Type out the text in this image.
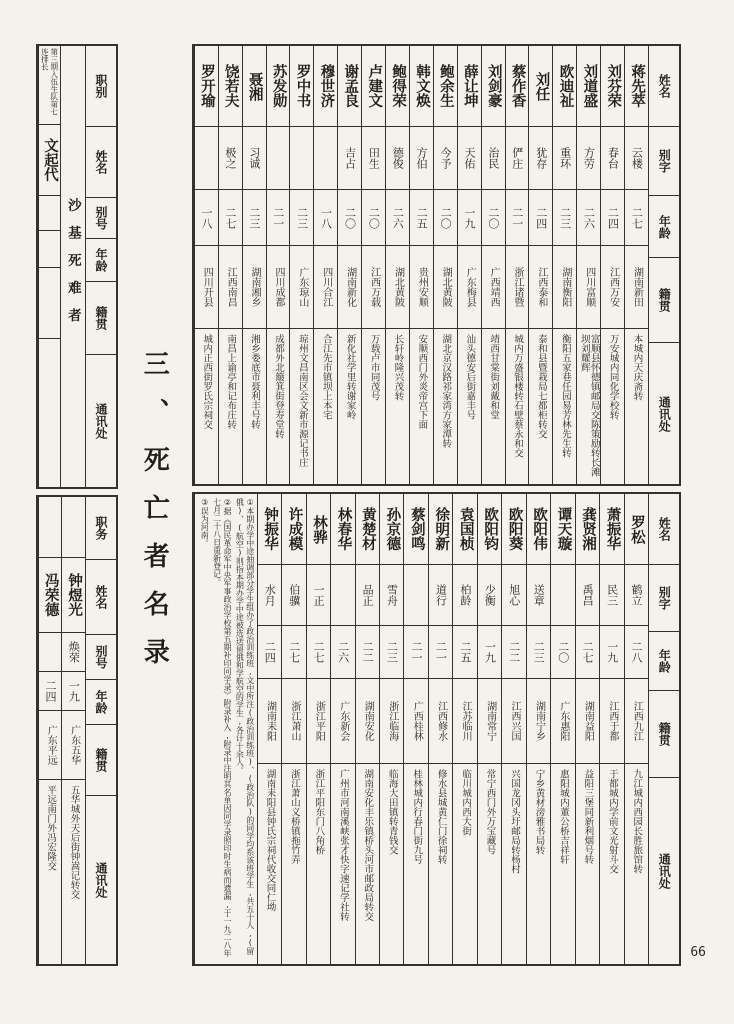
职别
姓名
别号
年龄
籍贯
通讯处
沙基死难者
第三期入伍生队第七连排长
文起代
职务
姓名
别号
年龄
籍贯
通讯处
钟煜光
焕荣
一九
广东五华
五华城外天后街钟嵩记转交
冯荣德
二四
广东平远
平远南门外冯宏隆交
三、死亡者名录
姓名
别字
年龄
籍贯
通讯处
蒋先萃
云楼
二七
湖南新田
本城内天庆斋转
刘芬荣
春台
二四
江西万安
万安城内同化学校转
刘道盛
方劳
二六
四川富顺
富顺县怀德镇邮局交陈策励转长滩坝刘耀辉
欧迪祉
重环
二三
湖南衡阳
衡阳五家巷任园易芳林先生转
刘任
犹存
二四
江西泰和
泰和县暨栽局七都柜转交
蔡作香
俨庄
二一
浙江诸暨
城内万盛银楼转石壁蔡永和交
刘剑豪
治民
二〇
广西靖西
靖西甘棠街刘戴和堂
薛让坤
天佑
一九
广东梅县
汕头德安后街嘉丰号
鲍余生
今予
二〇
湖北黄陂
湖北京汉路祁家湾方家潭转
韩文焕
方伯
二五
贵州安顺
安顺西门外炎帝宫下面
鲍得荣
德俊
二六
湖北黄陂
长轩岭隆兴茂转
卢建文
田生
二〇
江西万载
万载卢市同茂号
谢孟良
吉占
二〇
湖南新化
新化社学里转谢家岭
穆世济
一八
四川合江
合江先市镇坝上本宅
罗中书
二三
广东琼山
琼州文昌南区会文新市源记书庄
苏发勋
二一
四川成都
成都外北簸箕街登寿堂转
聂湘
习诚
二三
湖南湘乡
湘乡娄底市聂利丰号转
饶若夫
极之
二七
江西南昌
南昌上谕亭和记布庄转
罗开瑜
一八
四川开县
城内正西街罗氏宗祠交
姓名
别字
年龄
籍贯
通讯处
罗松
鹤立
二八
江西九江
九江城内西园长胜旅馆转
萧振华
民三
一九
江西于都
于都城内学前文光射斗交
龚贤湘
禹昌
二七
湖南益阳
益阳三堡同新利烟号转
谭天璇
二〇
广东惠阳
惠阳城内董公桥吉祥轩
欧阳伟
送章
二三
湖南宁乡
宁乡黄材滂雅书局转
欧阳葵
旭心
二二
江西兴国
兴国龙冈头圩邮局转杨村
欧阳钧
少衡
一九
湖南常宁
常宁西门外万宝藏号
袁国桢
柏龄
二五
江苏临川
临川城内西大街
徐明新
道行
二一
江西修水
修水县城黄仁门徐祠转
蔡剑鸣
二一
广西桂林
桂林城内行春门街九号
孙京德
雪舟
二三
浙江临海
临海大田镇转青钱交
黄楚材
品正
二二
湖南安化
湖南安化丰乐镇桥头河市邮政局转交
林春华
二六
广东新会
广州市河南溪峡张才快字速记学社转
林骅
一正
二七
浙江平阳
浙江平阳东门八角桥
许成模
伯骥
二七
浙江萧山
浙江萧山义桥镇拖竹弄
钟振华
水月
二四
湖南耒阳
湖南耒阳县钟氏宗祠代收交同仁坳
①本期办学中途抽调部分学生组办了政治训练班,文中所注(政治训练班)、(政治队)的同学均系该班学生,共五十人,(留俄)、(航空)则指本期办学中途被选送留俄和学航空的学生,各计十余人。
②据《国民革命军中央军事政治学校第五期补印同学录》附录补入,附录中注明其名单因同学录照印时生病而遗漏,于一九二八年七月二十八日重新登记。
③误为河南。
66
